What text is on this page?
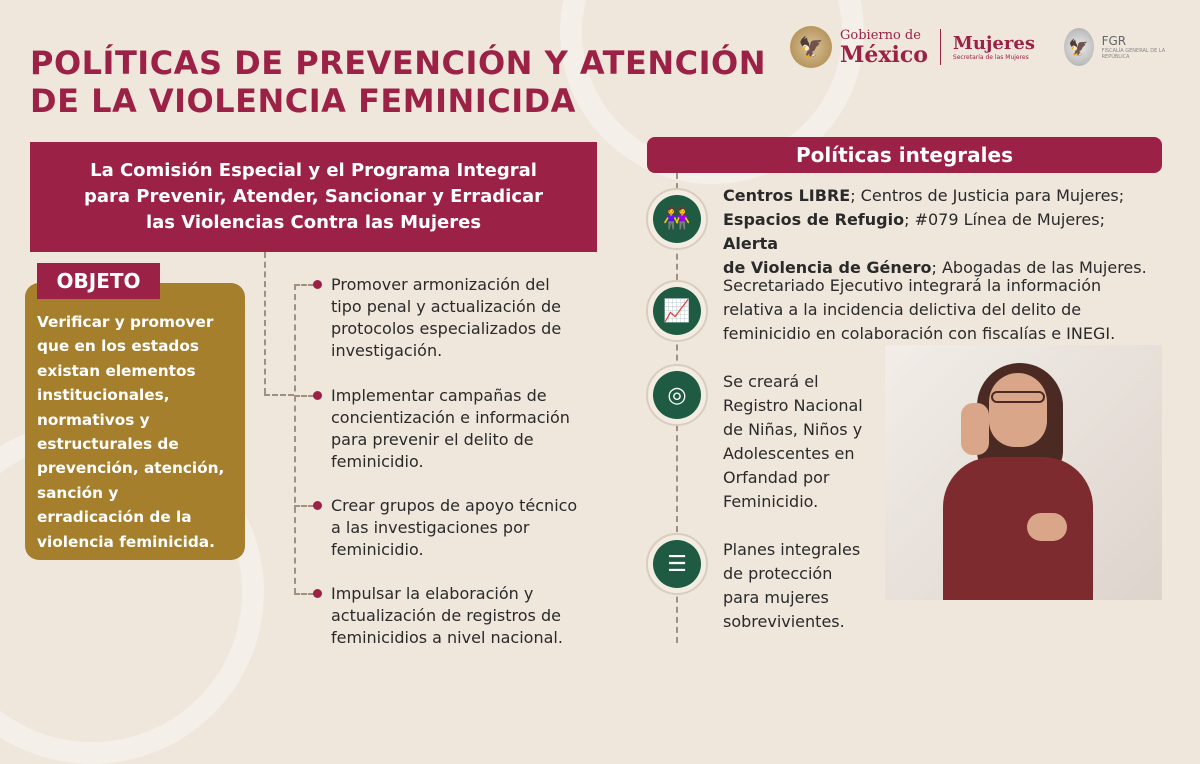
POLÍTICAS DE PREVENCIÓN Y ATENCIÓN
DE LA VIOLENCIA FEMINICIDA
🦅	Gobierno de
México Mujeres
Secretaría de las Mujeres
🦅	FGR
FISCALÍA GENERAL DE LA REPÚBLICA
La Comisión Especial y el Programa Integral
para Prevenir, Atender, Sancionar y Erradicar
las Violencias Contra las Mujeres
OBJETO
Verificar y promover
que en los estados
existan elementos
institucionales,
normativos y
estructurales de
prevención, atención,
sanción y
erradicación de la
violencia feminicida.
Promover armonización del
tipo penal y actualización de
protocolos especializados de
investigación.
Implementar campañas de
concientización e información
para prevenir el delito de
feminicidio.
Crear grupos de apoyo técnico
a las investigaciones por
feminicidio.
Impulsar la elaboración y
actualización de registros de
feminicidios a nivel nacional.
Políticas integrales
👭
📈
◎
☰
Centros LIBRE; Centros de Justicia para Mujeres;
Espacios de Refugio; #079 Línea de Mujeres; Alerta
de Violencia de Género; Abogadas de las Mujeres.
Secretariado Ejecutivo integrará la información
relativa a la incidencia delictiva del delito de
feminicidio en colaboración con fiscalías e INEGI.
Se creará el
Registro Nacional
de Niñas, Niños y
Adolescentes en
Orfandad por
Feminicidio.
Planes integrales
de protección
para mujeres
sobrevivientes.
